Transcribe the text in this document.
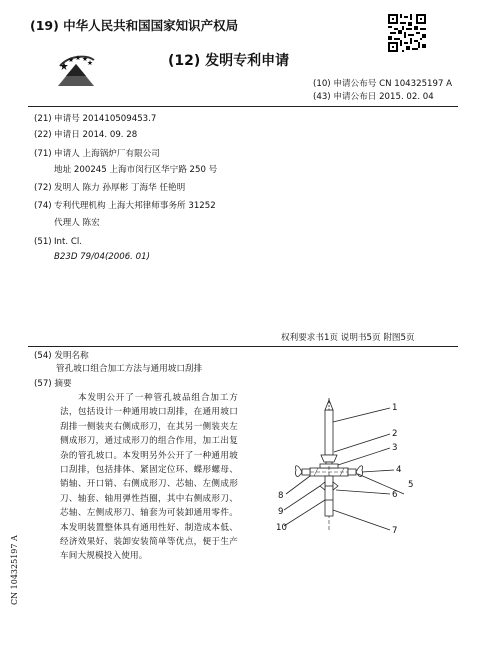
(19) 中华人民共和国国家知识产权局
(12) 发明专利申请
(10) 申请公布号 CN 104325197 A
(43) 申请公布日 2015. 02. 04
(21) 申请号 201410509453.7
(22) 申请日 2014. 09. 28
(71) 申请人 上海锅炉厂有限公司
地址 200245 上海市闵行区华宁路 250 号
(72) 发明人 陈力 孙厚彬 丁海华 任艳明
(74) 专利代理机构 上海大邦律师事务所 31252
代理人 陈宏
(51) Int. Cl.
B23D 79/04(2006. 01)
权利要求书1页 说明书5页 附图5页
(54) 发明名称
管孔坡口组合加工方法与通用坡口刮排
(57) 摘要
本发明公开了一种管孔坡品组合加工方法，包括设计一种通用坡口刮排，在通用坡口刮排一侧装夹右侧成形刀，在其另一侧装夹左侧成形刀，通过成形刀的组合作用，加工出复杂的管孔坡口。本发明另外公开了一种通用坡口刮排，包括排体、紧固定位环、蝶形螺母、销轴、开口销、右侧成形刀、芯轴、左侧成形刀、轴套、轴用弹性挡圈，其中右侧成形刀、芯轴、左侧成形刀、轴套为可装卸通用零件。本发明装置整体具有通用性好、制造成本低、经济效果好、装卸安装简单等优点，便于生产车间大规模投入使用。
1
2
3
4
5
6
7
8
9
10
CN 104325197 A
